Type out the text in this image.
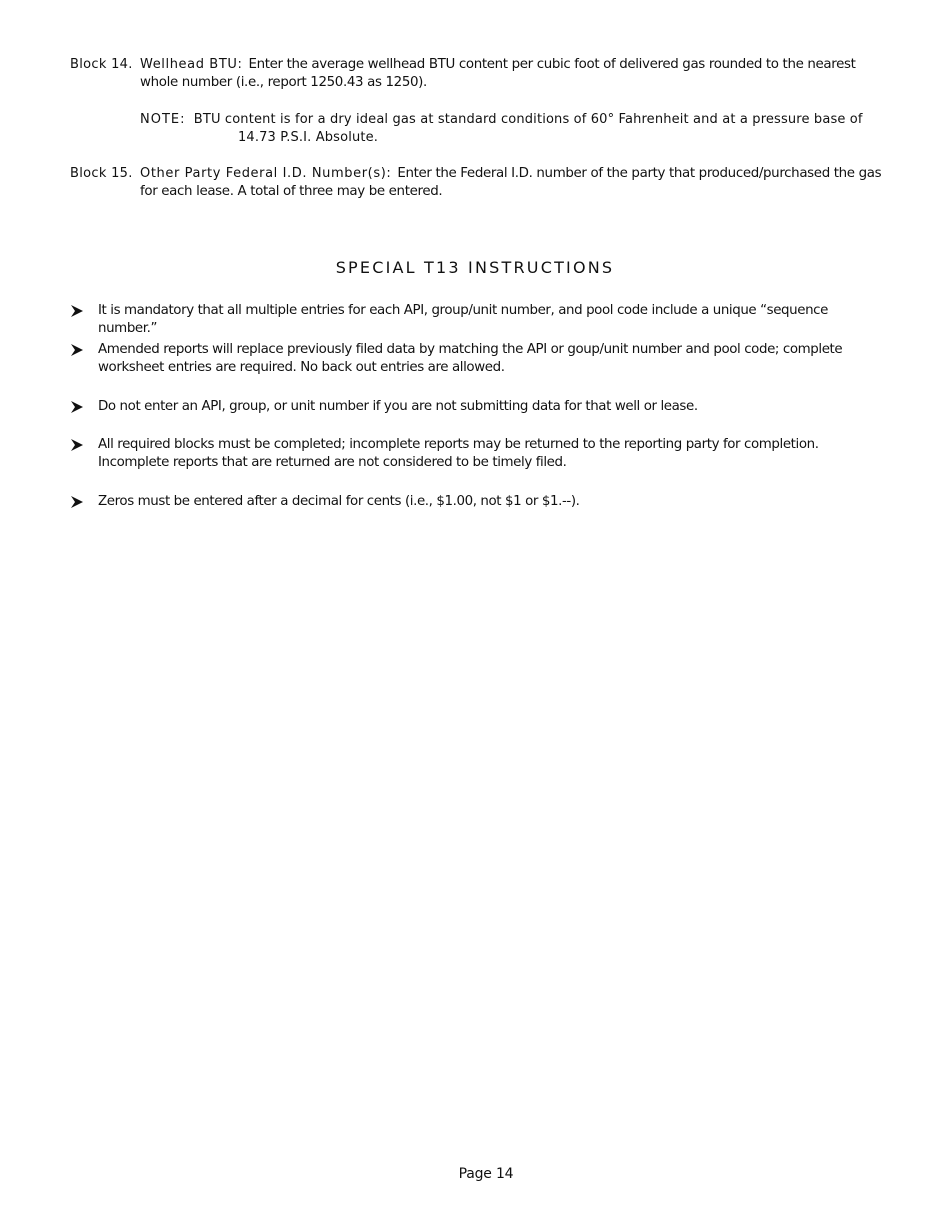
Block 14. Wellhead BTU: Enter the average wellhead BTU content per cubic foot of delivered gas rounded to the nearest whole number (i.e., report 1250.43 as 1250).
NOTE: BTU content is for a dry ideal gas at standard conditions of 60° Fahrenheit and at a pressure base of
14.73 P.S.I. Absolute.
Block 15. Other Party Federal I.D. Number(s): Enter the Federal I.D. number of the party that produced/purchased the gas for each lease. A total of three may be entered.
SPECIAL T13 INSTRUCTIONS
It is mandatory that all multiple entries for each API, group/unit number, and pool code include a unique “sequence number.”
Amended reports will replace previously filed data by matching the API or goup/unit number and pool code; complete worksheet entries are required. No back out entries are allowed.
Do not enter an API, group, or unit number if you are not submitting data for that well or lease.
All required blocks must be completed; incomplete reports may be returned to the reporting party for completion. Incomplete reports that are returned are not considered to be timely filed.
Zeros must be entered after a decimal for cents (i.e., $1.00, not $1 or $1.--).
Page 14
